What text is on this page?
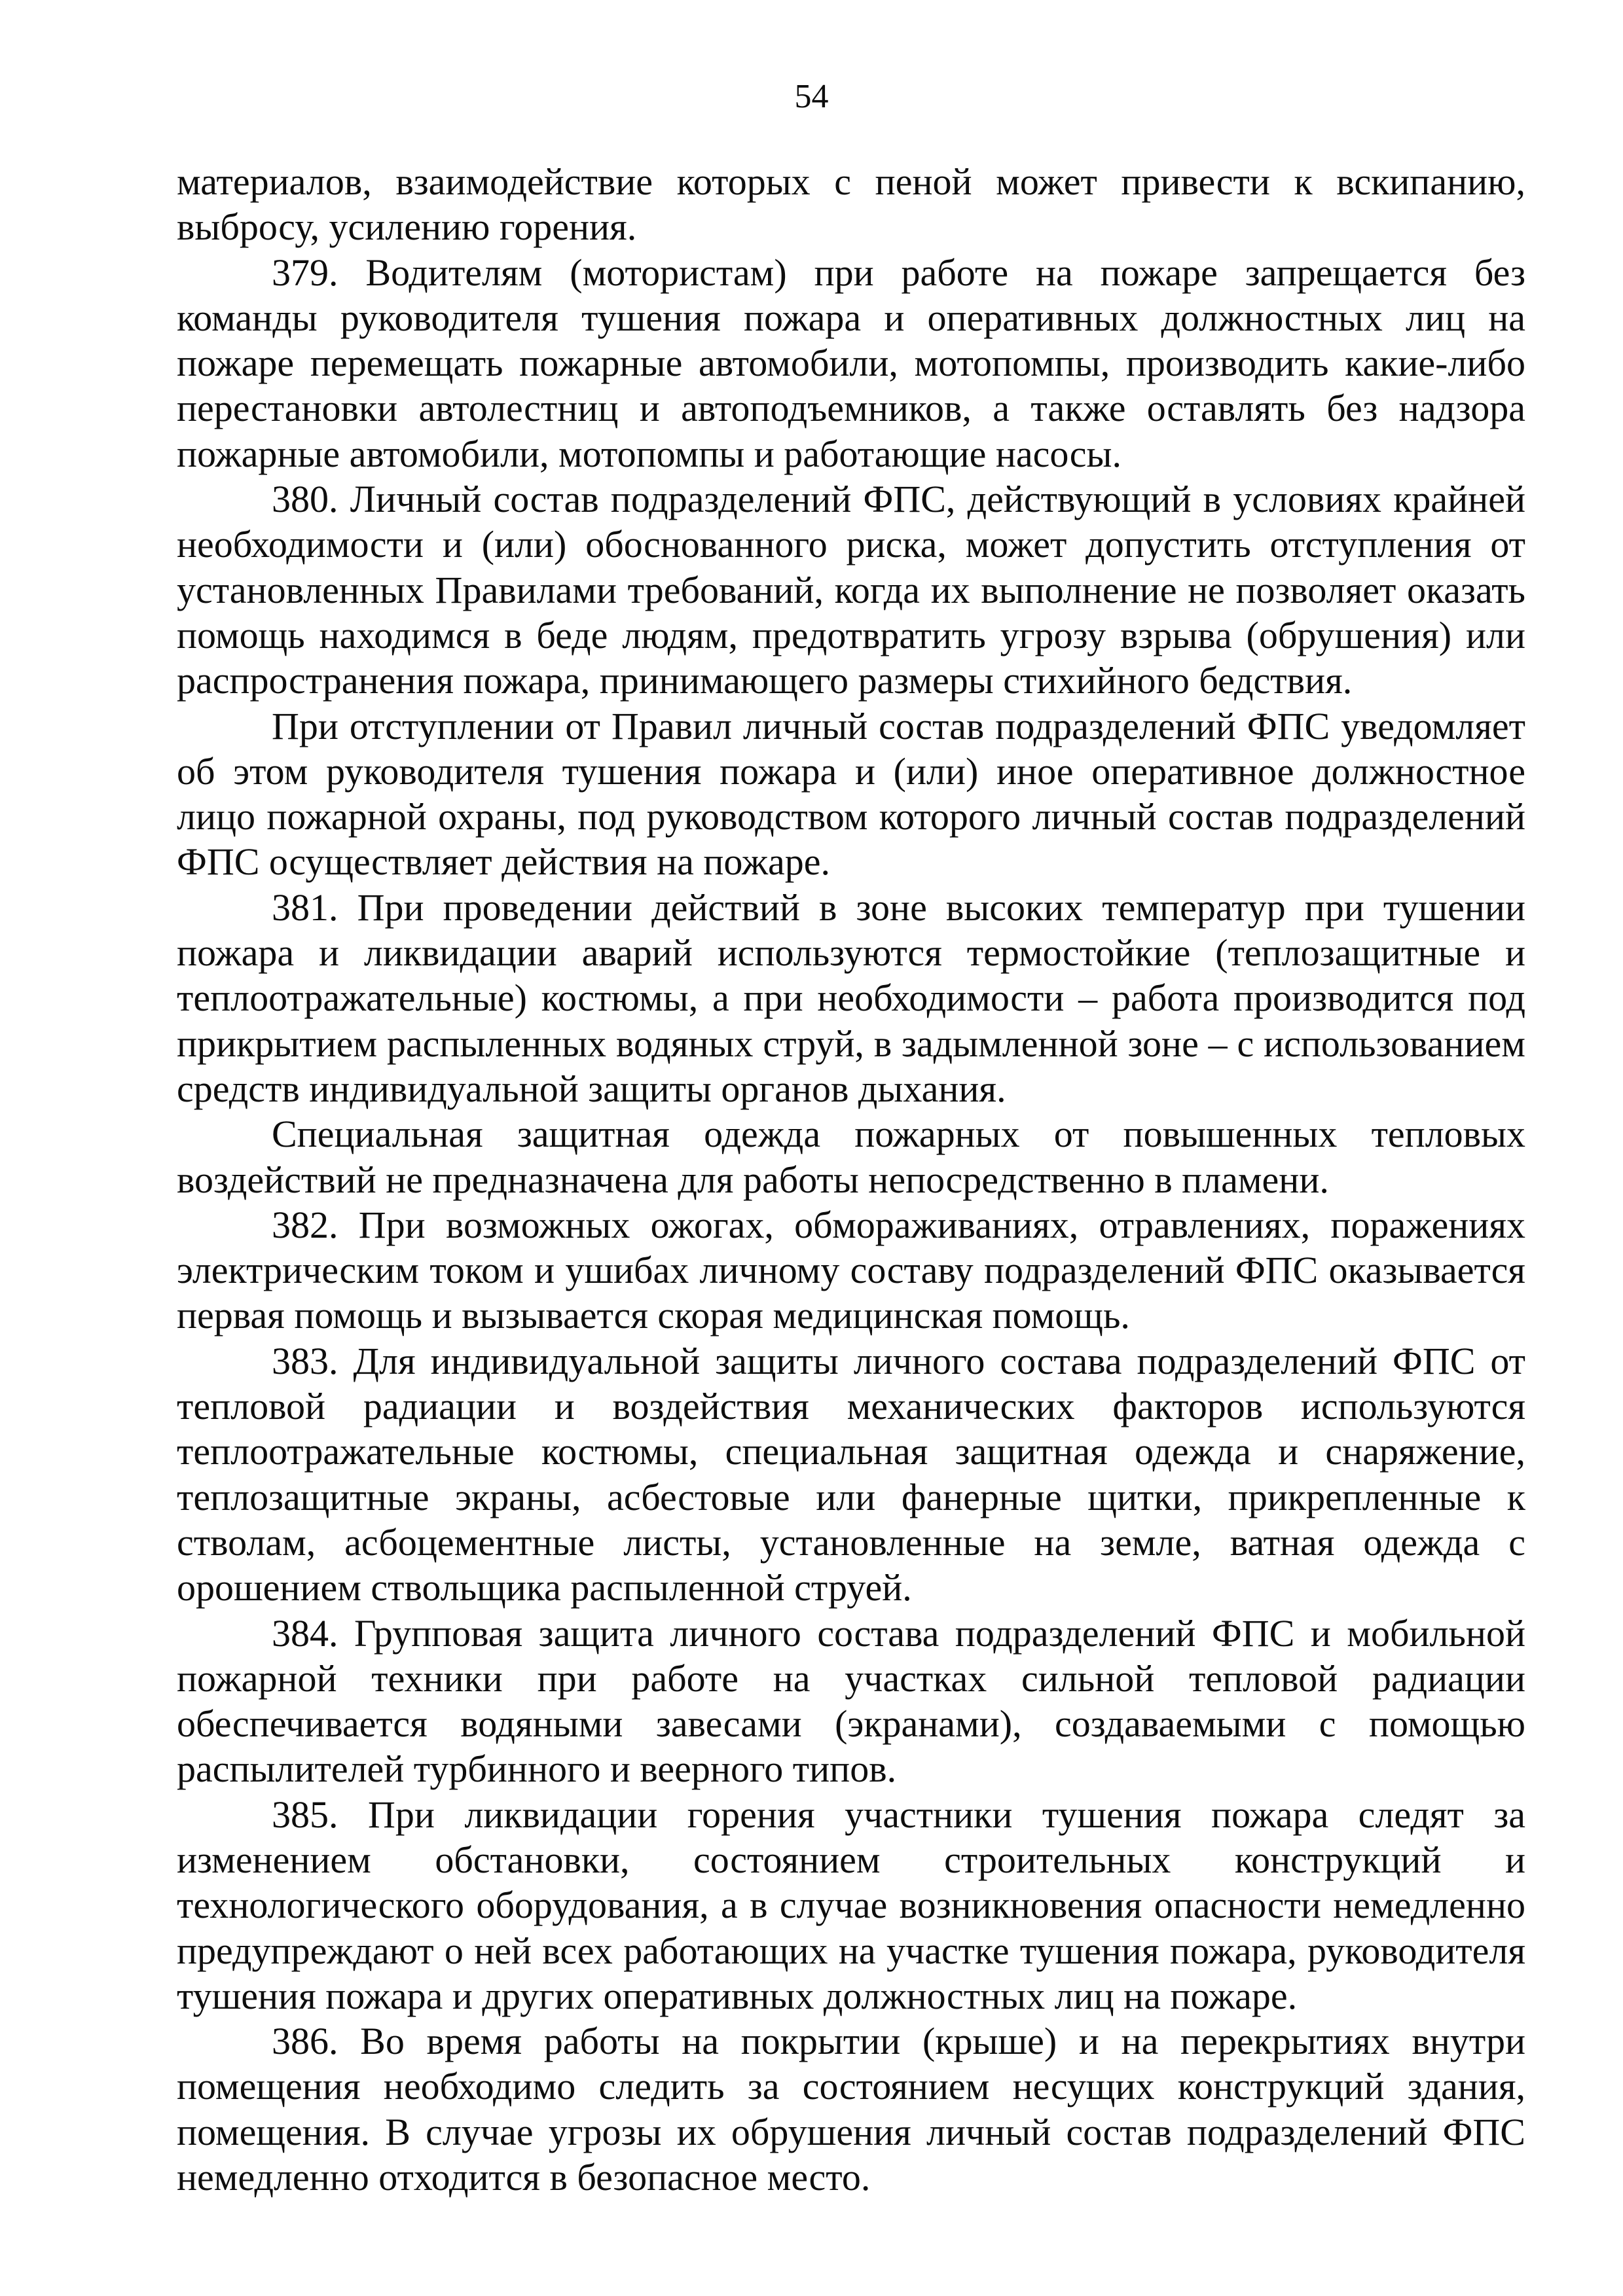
54

материалов, взаимодействие которых с пеной может привести к вскипанию, выбросу, усилению горения.

379. Водителям (мотористам) при работе на пожаре запрещается без команды руководителя тушения пожара и оперативных должностных лиц на пожаре перемещать пожарные автомобили, мотопомпы, производить какие-либо перестановки автолестниц и автоподъемников, а также оставлять без надзора пожарные автомобили, мотопомпы и работающие насосы.

380. Личный состав подразделений ФПС, действующий в условиях крайней необходимости и (или) обоснованного риска, может допустить отступления от установленных Правилами требований, когда их выполнение не позволяет оказать помощь находимся в беде людям, предотвратить угрозу взрыва (обрушения) или распространения пожара, принимающего размеры стихийного бедствия.

При отступлении от Правил личный состав подразделений ФПС уведомляет об этом руководителя тушения пожара и (или) иное оперативное должностное лицо пожарной охраны, под руководством которого личный состав подразделений ФПС осуществляет действия на пожаре.

381. При проведении действий в зоне высоких температур при тушении пожара и ликвидации аварий используются термостойкие (теплозащитные и теплоотражательные) костюмы, а при необходимости – работа производится под прикрытием распыленных водяных струй, в задымленной зоне – с использованием средств индивидуальной защиты органов дыхания.

Специальная защитная одежда пожарных от повышенных тепловых воздействий не предназначена для работы непосредственно в пламени.

382. При возможных ожогах, обмораживаниях, отравлениях, поражениях электрическим током и ушибах личному составу подразделений ФПС оказывается первая помощь и вызывается скорая медицинская помощь.

383. Для индивидуальной защиты личного состава подразделений ФПС от тепловой радиации и воздействия механических факторов используются теплоотражательные костюмы, специальная защитная одежда и снаряжение, теплозащитные экраны, асбестовые или фанерные щитки, прикрепленные к стволам, асбоцементные листы, установленные на земле, ватная одежда с орошением ствольщика распыленной струей.

384. Групповая защита личного состава подразделений ФПС и мобильной пожарной техники при работе на участках сильной тепловой радиации обеспечивается водяными завесами (экранами), создаваемыми с помощью распылителей турбинного и веерного типов.

385. При ликвидации горения участники тушения пожара следят за изменением обстановки, состоянием строительных конструкций и технологического оборудования, а в случае возникновения опасности немедленно предупреждают о ней всех работающих на участке тушения пожара, руководителя тушения пожара и других оперативных должностных лиц на пожаре.

386. Во время работы на покрытии (крыше) и на перекрытиях внутри помещения необходимо следить за состоянием несущих конструкций здания, помещения. В случае угрозы их обрушения личный состав подразделений ФПС немедленно отходится в безопасное место.
